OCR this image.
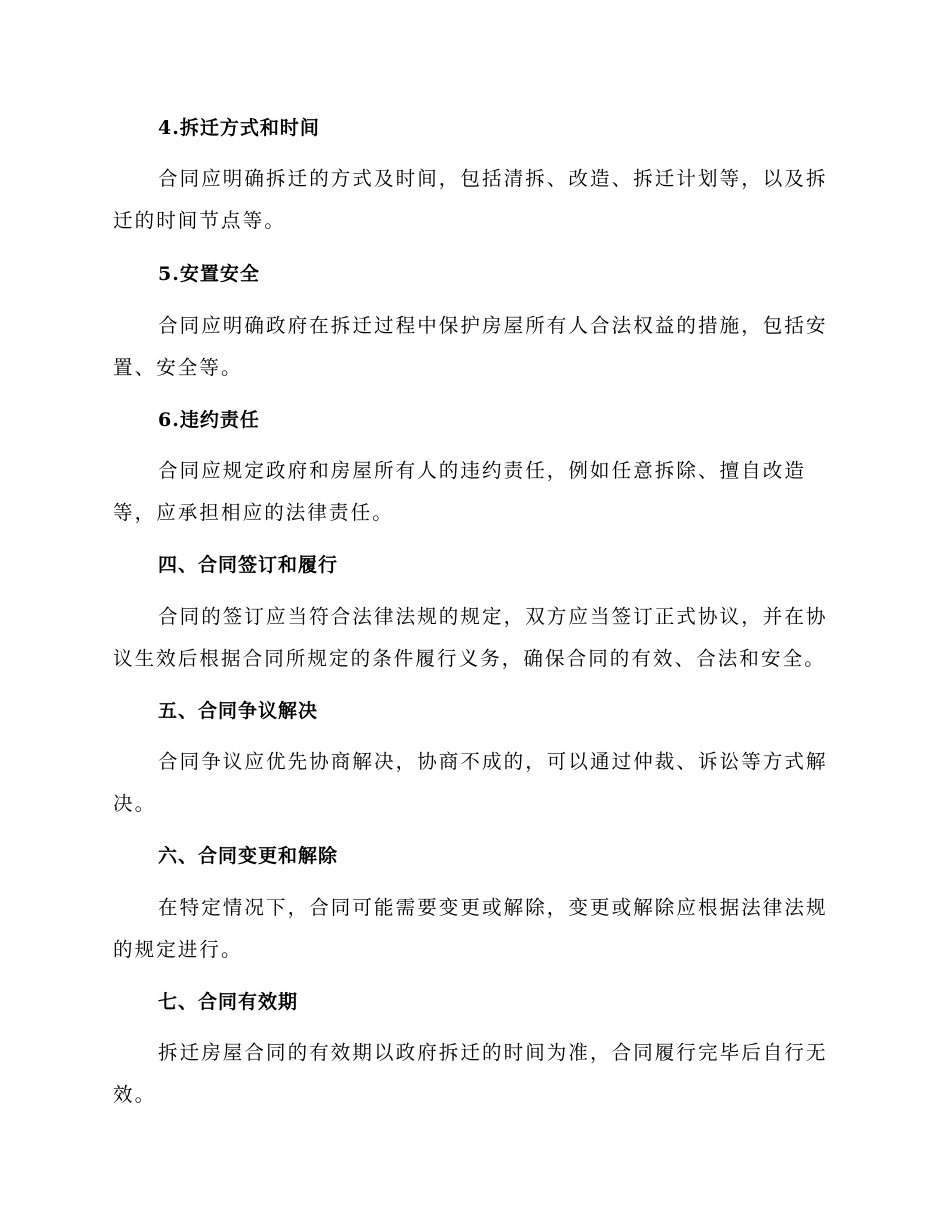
4.拆迁方式和时间
合同应明确拆迁的方式及时间，包括清拆、改造、拆迁计划等，以及拆
迁的时间节点等。
5.安置安全
合同应明确政府在拆迁过程中保护房屋所有人合法权益的措施，包括安
置、安全等。
6.违约责任
合同应规定政府和房屋所有人的违约责任，例如任意拆除、擅自改造
等，应承担相应的法律责任。
四、合同签订和履行
合同的签订应当符合法律法规的规定，双方应当签订正式协议，并在协
议生效后根据合同所规定的条件履行义务，确保合同的有效、合法和安全。
五、合同争议解决
合同争议应优先协商解决，协商不成的，可以通过仲裁、诉讼等方式解
决。
六、合同变更和解除
在特定情况下，合同可能需要变更或解除，变更或解除应根据法律法规
的规定进行。
七、合同有效期
拆迁房屋合同的有效期以政府拆迁的时间为准，合同履行完毕后自行无
效。
